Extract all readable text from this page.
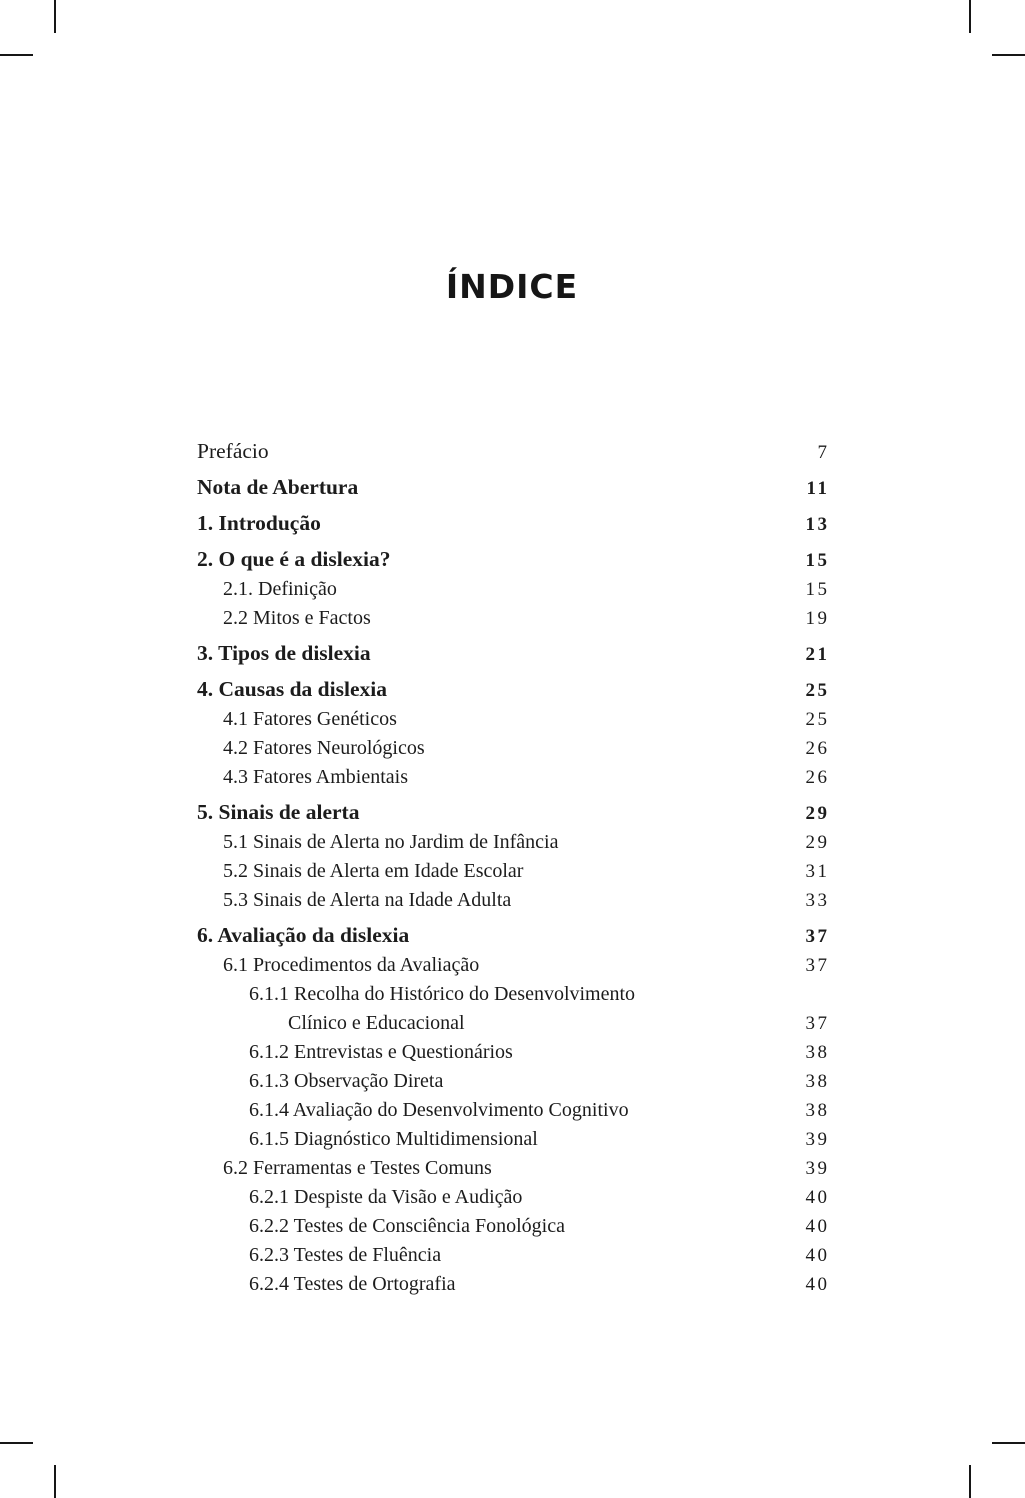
ÍNDICE
Prefácio	7
Nota de Abertura	11
1. Introdução	13
2. O que é a dislexia?	15
2.1. Definição	15
2.2 Mitos e Factos	19
3. Tipos de dislexia	21
4. Causas da dislexia	25
4.1 Fatores Genéticos	25
4.2 Fatores Neurológicos	26
4.3 Fatores Ambientais	26
5. Sinais de alerta	29
5.1 Sinais de Alerta no Jardim de Infância	29
5.2 Sinais de Alerta em Idade Escolar	31
5.3 Sinais de Alerta na Idade Adulta	33
6. Avaliação da dislexia	37
6.1 Procedimentos da Avaliação	37
6.1.1 Recolha do Histórico do Desenvolvimento
Clínico e Educacional	37
6.1.2 Entrevistas e Questionários	38
6.1.3 Observação Direta	38
6.1.4 Avaliação do Desenvolvimento Cognitivo	38
6.1.5 Diagnóstico Multidimensional	39
6.2 Ferramentas e Testes Comuns	39
6.2.1 Despiste da Visão e Audição	40
6.2.2 Testes de Consciência Fonológica	40
6.2.3 Testes de Fluência	40
6.2.4 Testes de Ortografia	40
